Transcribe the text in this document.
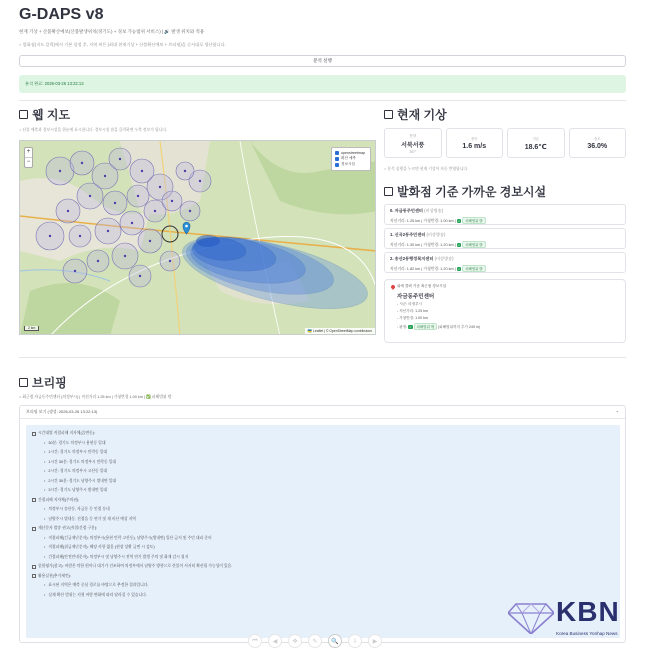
G-DAPS v8
현재 기상 + 산불확산예보(산불발생위치(경기도) + 경보 가능범위 서비스) | 🔊 발생 위치와 적용
○ 발화점(지도 클릭)에서 기본 설정 후, 지역 버튼 (최대 현재기상 + 산불확산예보 + 브리핑)을 순서대로 생산합니다.
분석 실행
분석 완료: 2026-03-26 13:22:13
웹 지도
○ 산불 예측과 경보시설을 한눈에 표시합니다. 경보시설 점을 클릭하면 우측 정보가 됩니다.
+
−
openstreetmap
확산 예측
경보시설
2 km
🇺🇦 Leaflet | © OpenStreetMap contributors
현재 기상
풍향
서북서풍
297°
풍속
1.6 m/s
기온
18.6℃
습도
36.0%
○ 분석 실행을 누르면 현재 기상이 자동 반영됩니다.
발화점 기준 가까운 경보시설
0. 자금동주민센터 (비상방송)
직선거리: 1.25 km | 가청반경: 1.00 km | ✓ 피해범위 밖
1. 신곡2동주민센터 (비상방송)
직선거리: 1.30 km | 가청반경: 1.20 km | ✓ 피해범위 밖
2. 송산2동행정복지센터 (비상방송)
직선거리: 1.82 km | 가청반경: 1.20 km | ✓ 피해범위 밖
위에 클릭 기준 최근접 경보시설
자금동주민센터
- 시군: 의정부시
- 직선거리: 1.25 km
- 가청반경: 1.00 km
- 판정: ✓ 피해범위 밖 (피해범위까지 추가 249 m)
브리핑
○ 최근접 자금동주민센터 (의정부시) | 직선거리 1.25 km | 가청반경 1.00 km | ✅ 피해범위 밖
브리핑 보기 (생성: 2026-03-26 13:22:13)	⌃
시간대별 직접피해 지자체(읍면동):
• 30분: 경기도 의정부시 용현동 일대
• 1시간: 경기도 의정부시 민락동 일대
• 1시간 30분: 경기도 의정부시 민락동 일대
• 2시간: 경기도 의정부시 고산동 일대
• 2시간 30분: 경기도 남양주시 별내면 일대
• 3시간: 경기도 남양주시 별내면 일대
간접피해 지자체(주의권):
• 의정부시 송산동, 자금동 등 인접 동네
• 남양주시 별내동, 진접읍 등 연기 및 재 비산 예상 지역
재난문자 발송 권고(직접/간접 구분):
• 직접피해(긴급재난문자): 의정부시(용현 민락 고산동), 남양주시(별내면) 입산 금지 및 주민 대피 준비
• 직접피해(위급재난문자): 해당 사항 없음 (현장 상황 급변 시 검토)
• 간접피해(안전안내문자): 의정부시 및 남양주시 전역 연기 발생 주의 및 화재 감시 철저
종합평가(참고): 바람은 약한 편이나 대기가 건조하여 의정부에서 남양주 방향으로 산불이 서서히 확산될 가능성이 있음.
활용실천(추가제언):
• 표시된 지역은 예측 중심 경로를 바탕으로 추정한 결과입니다.
• 실제 확산 범위는 지형 바람 변화에 따라 달라질 수 있습니다.
⏮	◀	✥	✎	🔍	⇩	▶
KBN
Korea Business Yonhap News
